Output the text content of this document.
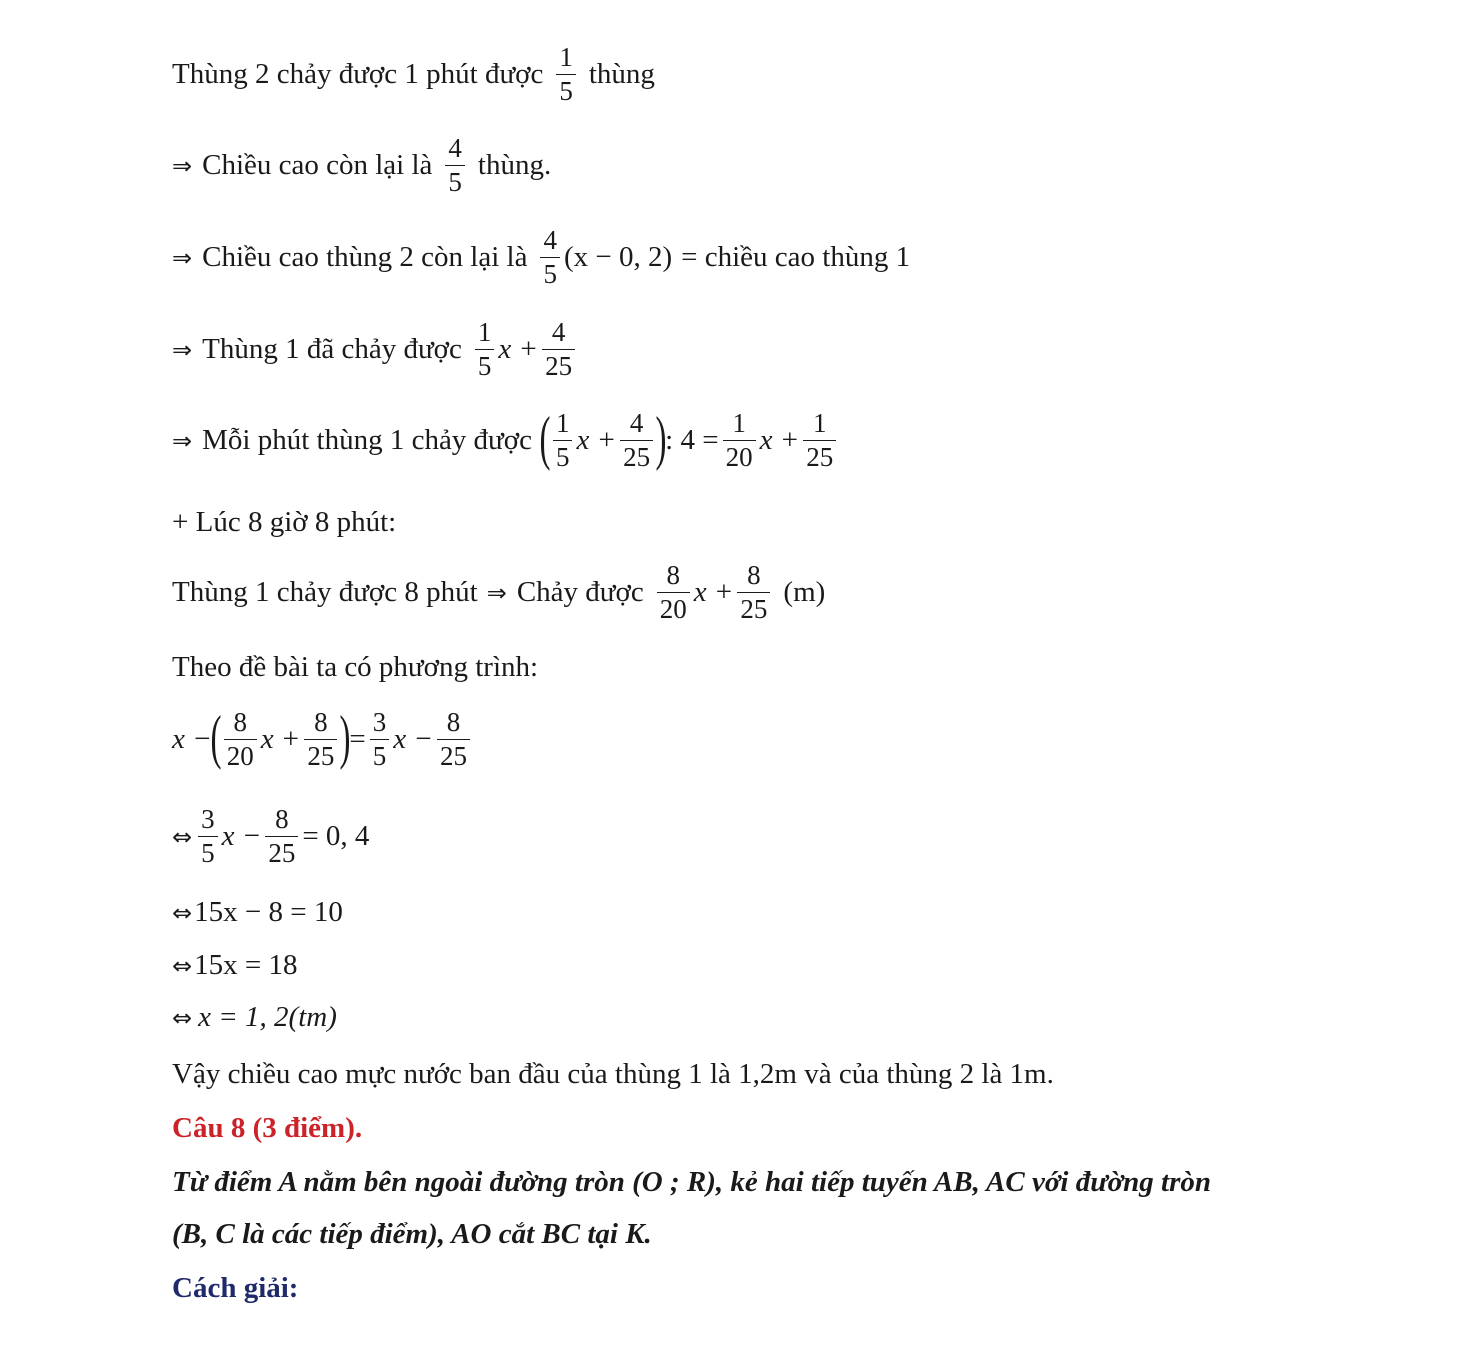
Thùng 2 chảy được 1 phút được $\frac{1}{5}$ thùng
⇒ Chiều cao còn lại là $\frac{4}{5}$ thùng.
⇒ Chiều cao thùng 2 còn lại là $\frac{4}{5} (x - 0$, 2) = chiều cao thùng 1
⇒ Thùng 1 đã chảy được $\frac{1}{5}$ $x + \frac{4}{25}$
⇒ Mỗi phút thùng 1 chảy được ( $\frac{1}{5}$ $x + \frac{4}{25}$ )
: $4 = \frac{1}{20}$ $x + \frac{1}{25}$
+ Lúc 8 giờ 8 phút:
Thùng 1 chảy được 8 phút ⇒ Chảy được $\frac{8}{20}$ $x + \frac{8}{25} (m)$
Theo đề bài ta có phương trình:
x −
( $\frac{8}{20}$ $x + \frac{8}{25}$ )
= $\frac{3}{5}$ $x - \frac{8}{25}$
⇔ $\frac{3}{5}$ $x - \frac{8}{25} = 0$, 4
⇔ 15x − 8 = 10
⇔ 15x = 18
⇔ x = 1, 2(tm)
Vậy chiều cao mực nước ban đầu của thùng 1 là 1,2m và của thùng 2 là 1m.
Câu 8 (3 điểm).
Từ điểm A nằm bên ngoài đường tròn (O ; R), kẻ hai tiếp tuyến AB, AC với đường tròn
(B, C là các tiếp điểm), AO cắt BC tại K.
Cách giải:
